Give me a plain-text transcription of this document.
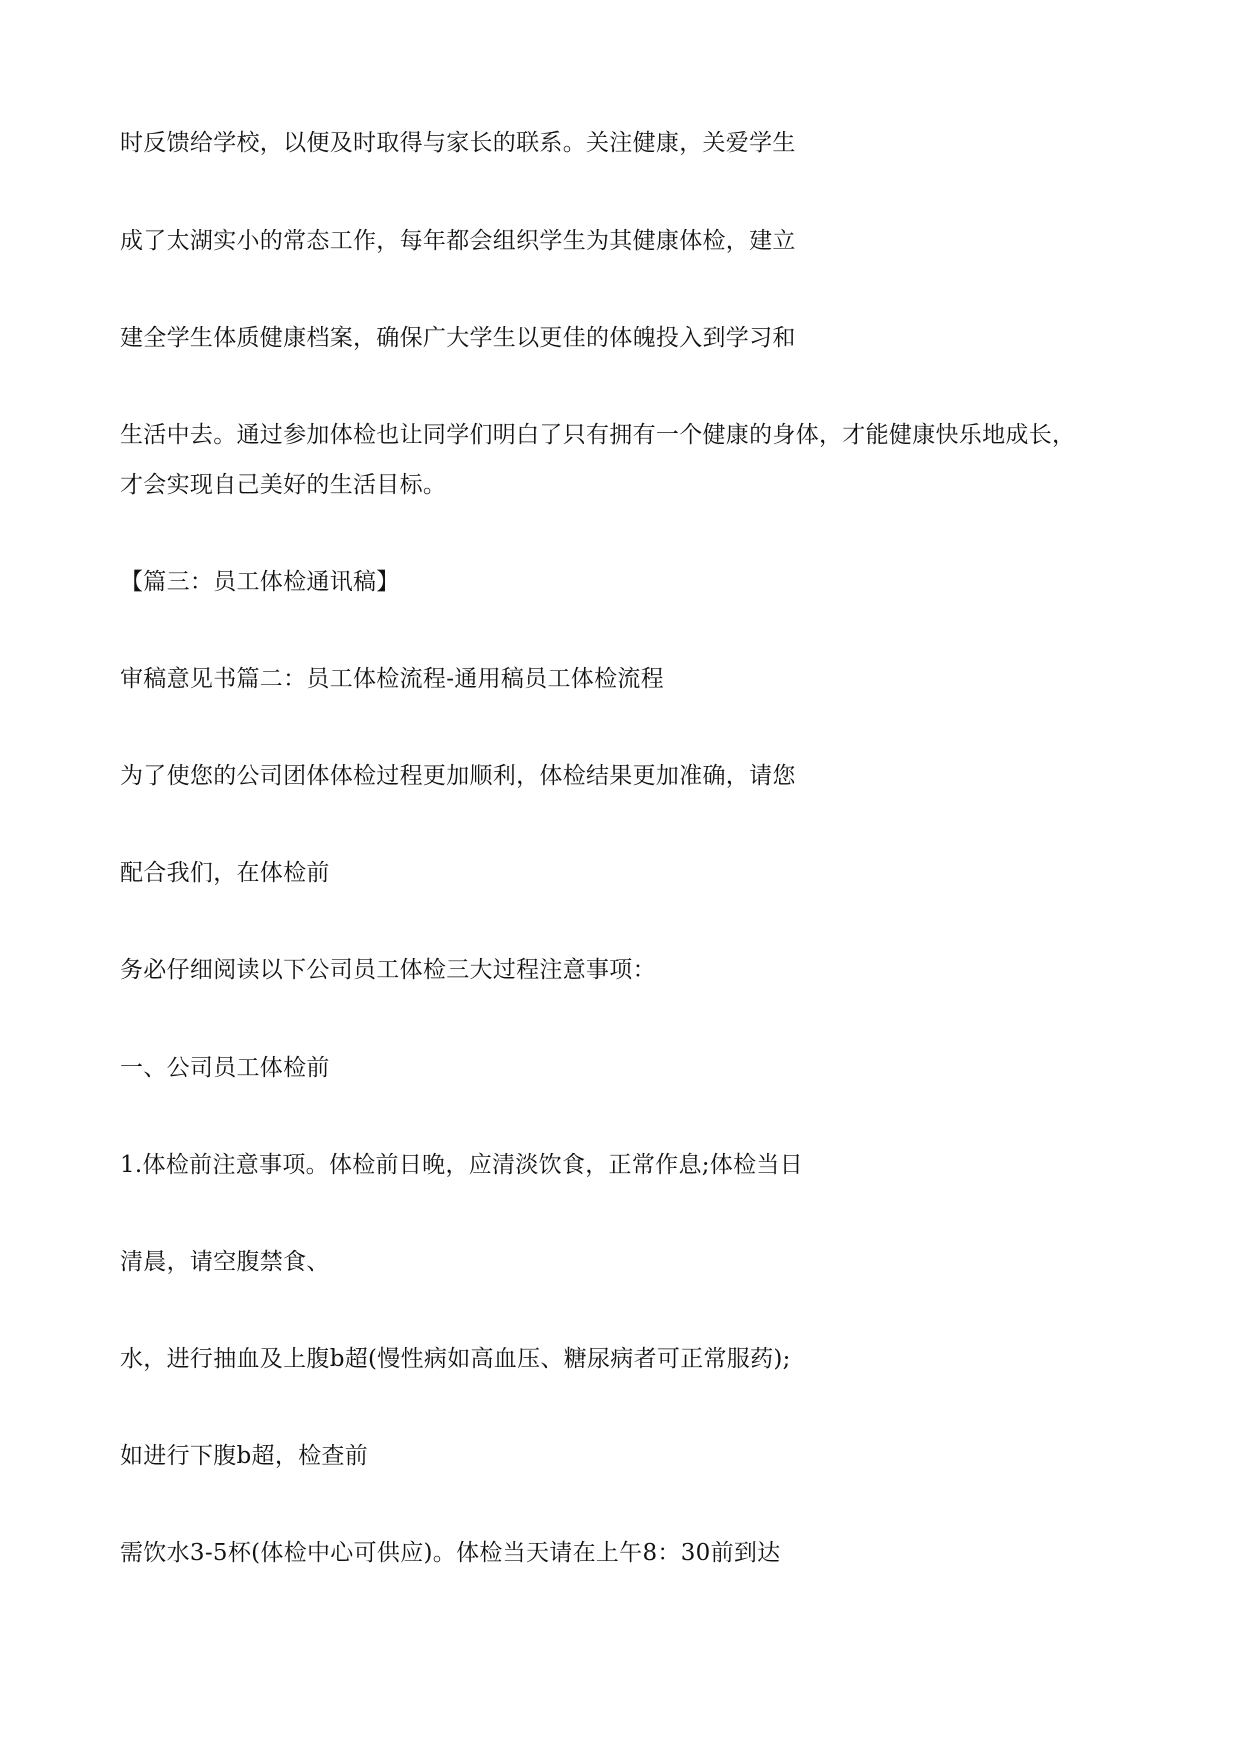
时反馈给学校，以便及时取得与家长的联系。关注健康，关爱学生

成了太湖实小的常态工作，每年都会组织学生为其健康体检，建立

建全学生体质健康档案，确保广大学生以更佳的体魄投入到学习和

生活中去。通过参加体检也让同学们明白了只有拥有一个健康的身体，才能健康快乐地成长，

才会实现自己美好的生活目标。

【篇三：员工体检通讯稿】

审稿意见书篇二：员工体检流程-通用稿员工体检流程

为了使您的公司团体体检过程更加顺利，体检结果更加准确，请您

配合我们，在体检前

务必仔细阅读以下公司员工体检三大过程注意事项：

一、公司员工体检前

1.体检前注意事项。体检前日晚，应清淡饮食，正常作息;体检当日

清晨，请空腹禁食、

水，进行抽血及上腹b超(慢性病如高血压、糖尿病者可正常服药);

如进行下腹b超，检查前

需饮水3-5杯(体检中心可供应)。体检当天请在上午8：30前到达
